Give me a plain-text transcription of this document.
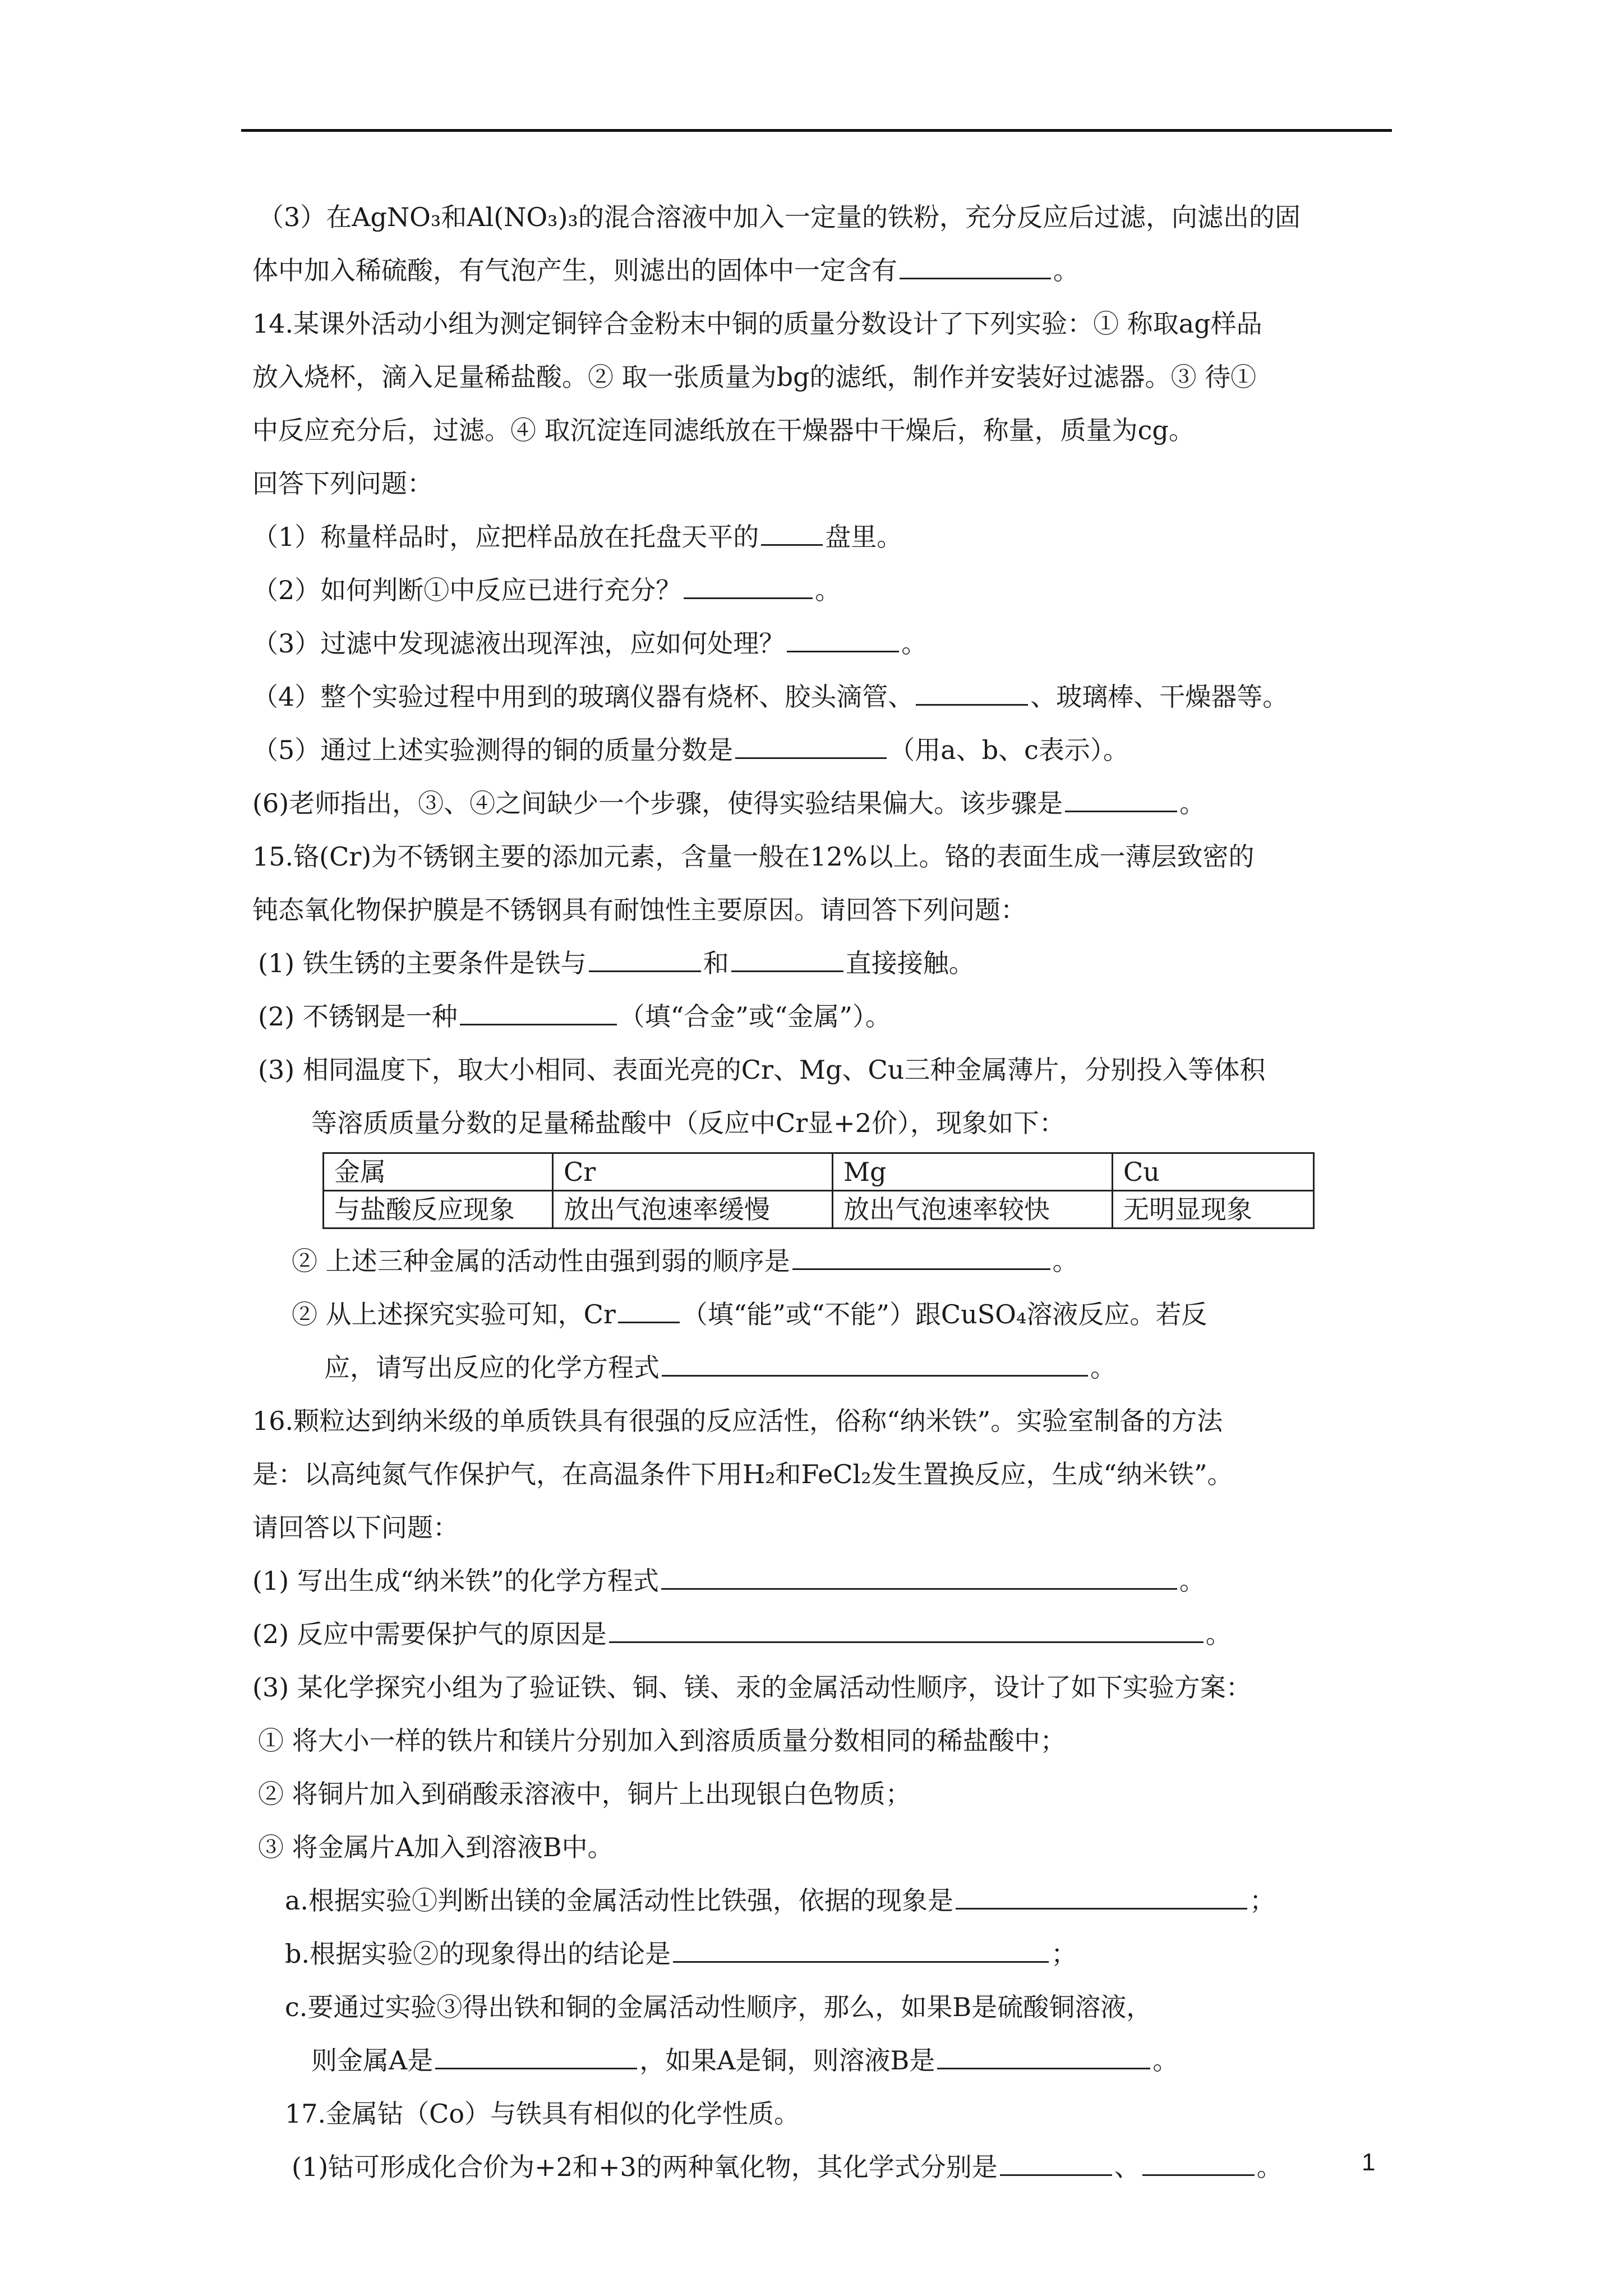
（3）在AgNO₃和Al(NO₃)₃的混合溶液中加入一定量的铁粉，充分反应后过滤，向滤出的固
体中加入稀硫酸，有气泡产生，则滤出的固体中一定含有	。
14.某课外活动小组为测定铜锌合金粉末中铜的质量分数设计了下列实验：① 称取ag样品
放入烧杯，滴入足量稀盐酸。② 取一张质量为bg的滤纸，制作并安装好过滤器。③ 待①
中反应充分后，过滤。④ 取沉淀连同滤纸放在干燥器中干燥后，称量，质量为cg。
回答下列问题：
（1）称量样品时，应把样品放在托盘天平的	盘里。
（2）如何判断①中反应已进行充分？	。
（3）过滤中发现滤液出现浑浊，应如何处理？	。
（4）整个实验过程中用到的玻璃仪器有烧杯、胶头滴管、	、玻璃棒、干燥器等。
（5）通过上述实验测得的铜的质量分数是	（用a、b、c表示）。
(6)老师指出，③、④之间缺少一个步骤，使得实验结果偏大。该步骤是	。
15.铬(Cr)为不锈钢主要的添加元素，含量一般在12%以上。铬的表面生成一薄层致密的
钝态氧化物保护膜是不锈钢具有耐蚀性主要原因。请回答下列问题：
(1) 铁生锈的主要条件是铁与	和	直接接触。
(2) 不锈钢是一种	（填“合金”或“金属”）。
(3) 相同温度下，取大小相同、表面光亮的Cr、Mg、Cu三种金属薄片，分别投入等体积
等溶质质量分数的足量稀盐酸中（反应中Cr显+2价），现象如下：
金属	Cr	Mg	Cu
与盐酸反应现象	放出气泡速率缓慢	放出气泡速率较快	无明显现象
② 上述三种金属的活动性由强到弱的顺序是	。
② 从上述探究实验可知，Cr	（填“能”或“不能”）跟CuSO₄溶液反应。若反
应，请写出反应的化学方程式	。
16.颗粒达到纳米级的单质铁具有很强的反应活性，俗称“纳米铁”。实验室制备的方法
是：以高纯氮气作保护气，在高温条件下用H₂和FeCl₂发生置换反应，生成“纳米铁”。
请回答以下问题：
(1) 写出生成“纳米铁”的化学方程式	。
(2) 反应中需要保护气的原因是	。
(3) 某化学探究小组为了验证铁、铜、镁、汞的金属活动性顺序，设计了如下实验方案：
① 将大小一样的铁片和镁片分别加入到溶质质量分数相同的稀盐酸中；
② 将铜片加入到硝酸汞溶液中，铜片上出现银白色物质；
③ 将金属片A加入到溶液B中。
a.根据实验①判断出镁的金属活动性比铁强，依据的现象是	；
b.根据实验②的现象得出的结论是	；
c.要通过实验③得出铁和铜的金属活动性顺序，那么，如果B是硫酸铜溶液，
则金属A是	，如果A是铜，则溶液B是	。
17.金属钴（Co）与铁具有相似的化学性质。
(1)钴可形成化合价为+2和+3的两种氧化物，其化学式分别是	、	。	1
